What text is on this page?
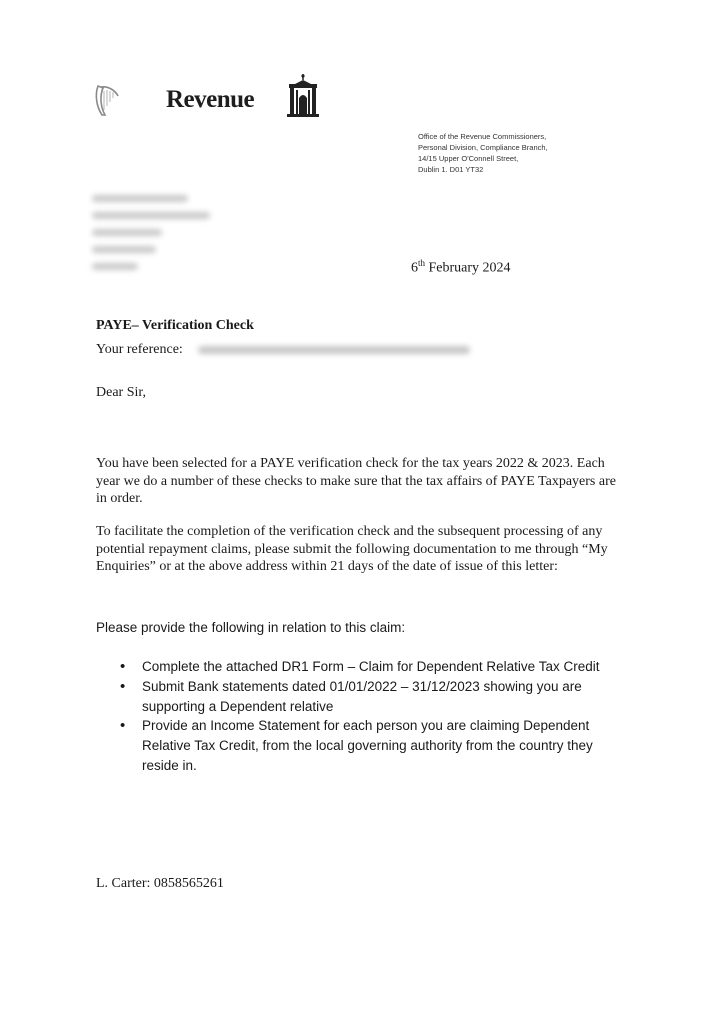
Revenue
Office of the Revenue Commissioners,
Personal Division, Compliance Branch,
14/15 Upper O'Connell Street,
Dublin 1. D01 YT32
6th February 2024
PAYE– Verification Check
Your reference:
Dear Sir,
You have been selected for a PAYE verification check for the tax years 2022 & 2023. Each year we do a number of these checks to make sure that the tax affairs of PAYE Taxpayers are in order.
To facilitate the completion of the verification check and the subsequent processing of any potential repayment claims, please submit the following documentation to me through “My Enquiries” or at the above address within 21 days of the date of issue of this letter:
Please provide the following in relation to this claim:
• Complete the attached DR1 Form – Claim for Dependent Relative Tax Credit
• Submit Bank statements dated 01/01/2022 – 31/12/2023 showing you are supporting a Dependent relative
• Provide an Income Statement for each person you are claiming Dependent Relative Tax Credit, from the local governing authority from the country they reside in.
L. Carter: 0858565261
